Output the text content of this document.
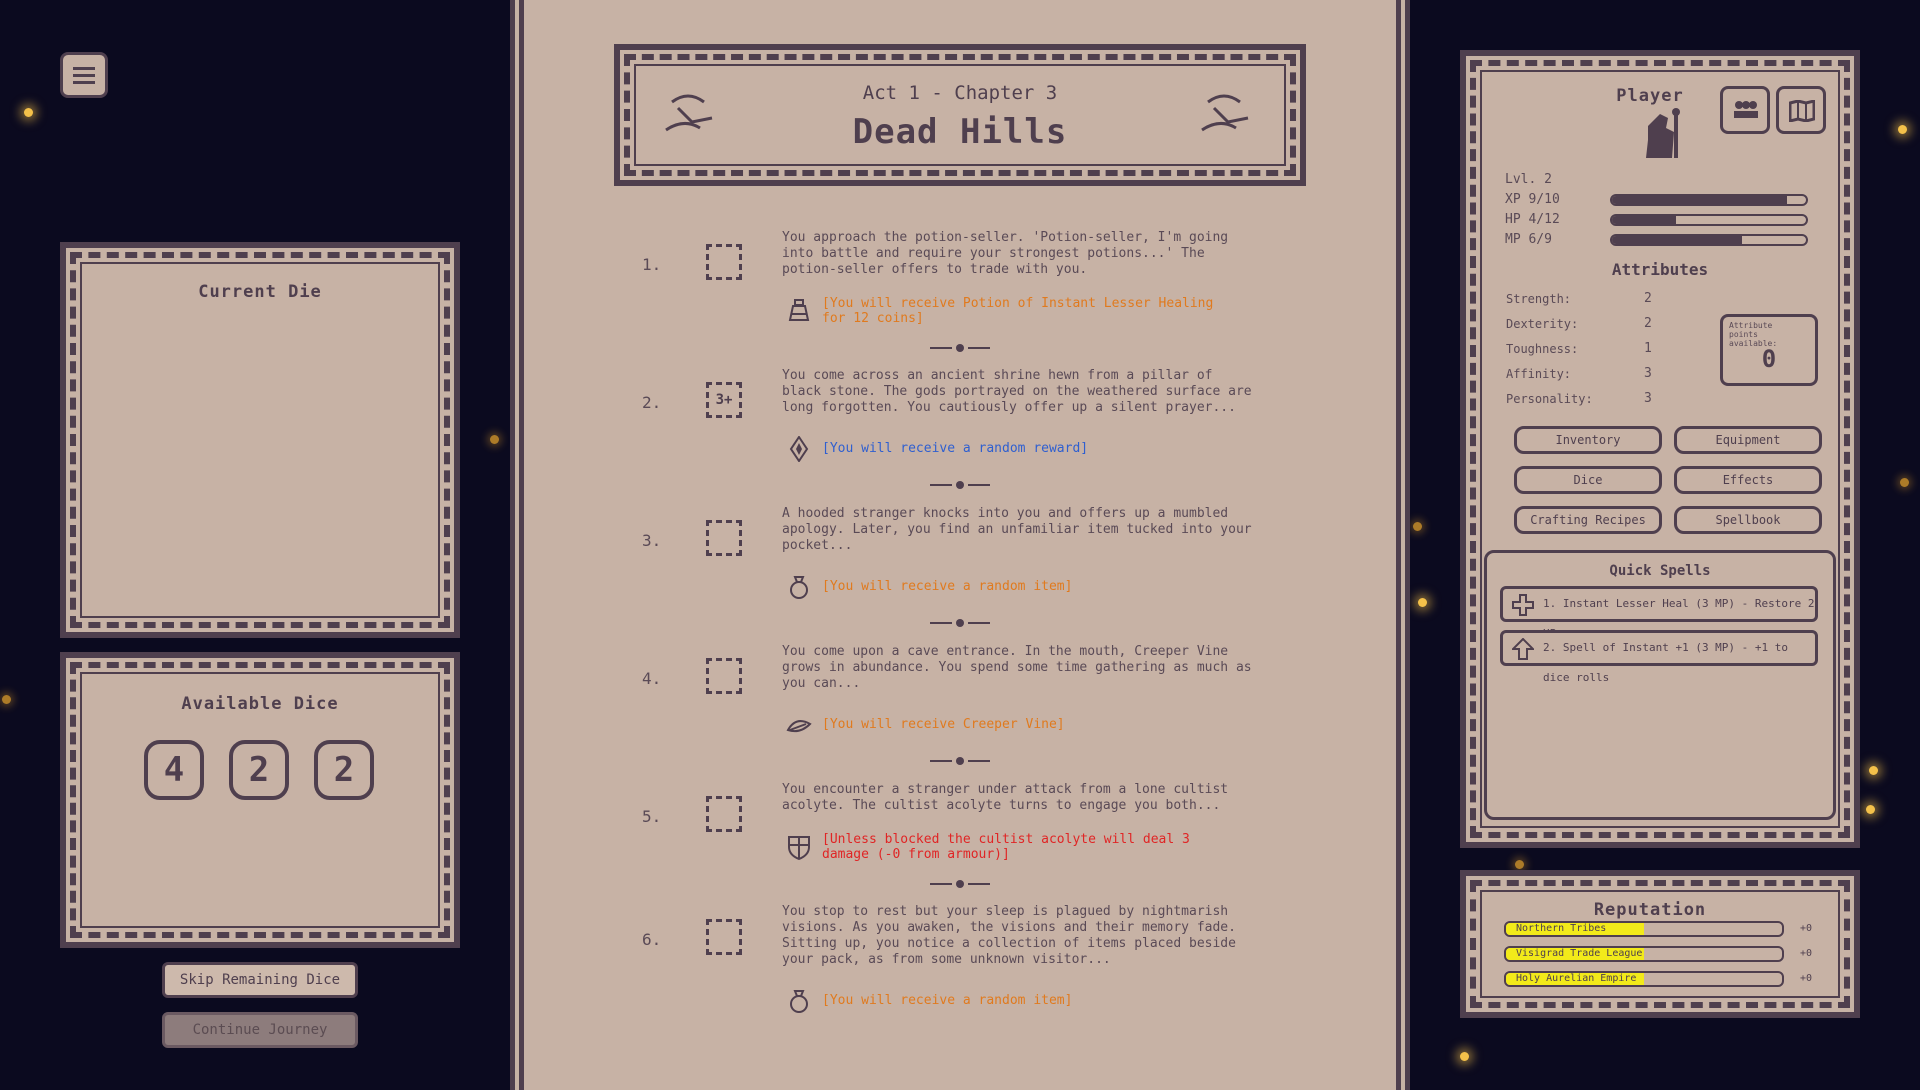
Current Die
Available Dice
4	2	2
Skip Remaining Dice
Continue Journey
Act 1 - Chapter 3
Dead Hills
1.
You approach the potion-seller. 'Potion-seller, I'm going into battle and require your strongest potions...' The potion-seller offers to trade with you.
[You will receive Potion of Instant Lesser Healing for 12 coins]
2.	3+
You come across an ancient shrine hewn from a pillar of black stone. The gods portrayed on the weathered surface are long forgotten. You cautiously offer up a silent prayer...
[You will receive a random reward]
3.
A hooded stranger knocks into you and offers up a mumbled apology. Later, you find an unfamiliar item tucked into your pocket...
[You will receive a random item]
4.
You come upon a cave entrance. In the mouth, Creeper Vine grows in abundance. You spend some time gathering as much as you can...
[You will receive Creeper Vine]
5.
You encounter a stranger under attack from a lone cultist acolyte. The cultist acolyte turns to engage you both...
[Unless blocked the cultist acolyte will deal 3 damage (-0 from armour)]
6.
You stop to rest but your sleep is plagued by nightmarish visions. As you awaken, the visions and their memory fade. Sitting up, you notice a collection of items placed beside your pack, as from some unknown visitor...
[You will receive a random item]
Player
Lvl. 2
XP 9/10
HP 4/12
MP 6/9
Attributes
Strength:	2
Dexterity:	2
Toughness:	1
Affinity:	3
Personality:	3
Attribute points available:
0
Inventory	Equipment
Dice	Effects
Crafting Recipes	Spellbook
Quick Spells
1. Instant Lesser Heal (3 MP) - Restore 2
2. Spell of Instant +1 (3 MP) - +1 to dice rolls
Reputation
Northern Tribes	+0
Visigrad Trade League	+0
Holy Aurelian Empire	+0
